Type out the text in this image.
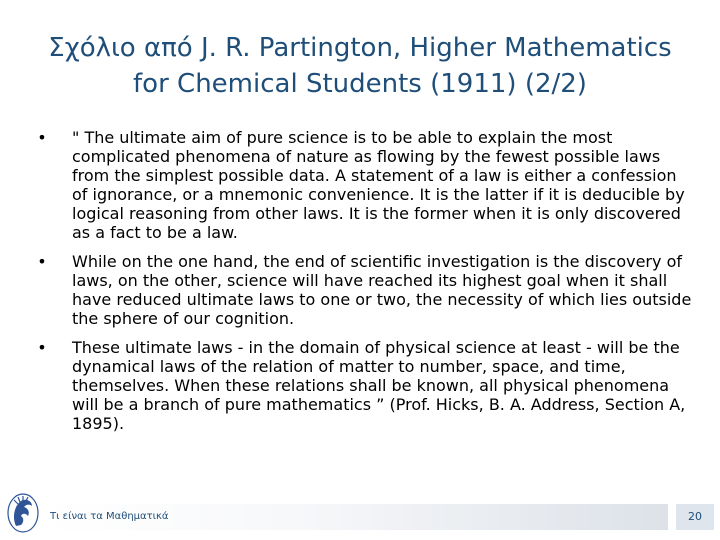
Σχόλιο από J. R. Partington, Higher Mathematics for Chemical Students (1911) (2/2)
•	" The ultimate aim of pure science is to be able to explain the most complicated phenomena of nature as flowing by the fewest possible laws from the simplest possible data. A statement of a law is either a confession of ignorance, or a mnemonic convenience. It is the latter if it is deducible by logical reasoning from other laws. It is the former when it is only discovered as a fact to be a law.
•	While on the one hand, the end of scientific investigation is the discovery of laws, on the other, science will have reached its highest goal when it shall have reduced ultimate laws to one or two, the necessity of which lies outside the sphere of our cognition.
•	These ultimate laws - in the domain of physical science at least - will be the dynamical laws of the relation of matter to number, space, and time, themselves. When these relations shall be known, all physical phenomena will be a branch of pure mathematics ” (Prof. Hicks, B. A. Address, Section A, 1895).
Τι είναι τα Μαθηματικά	20
